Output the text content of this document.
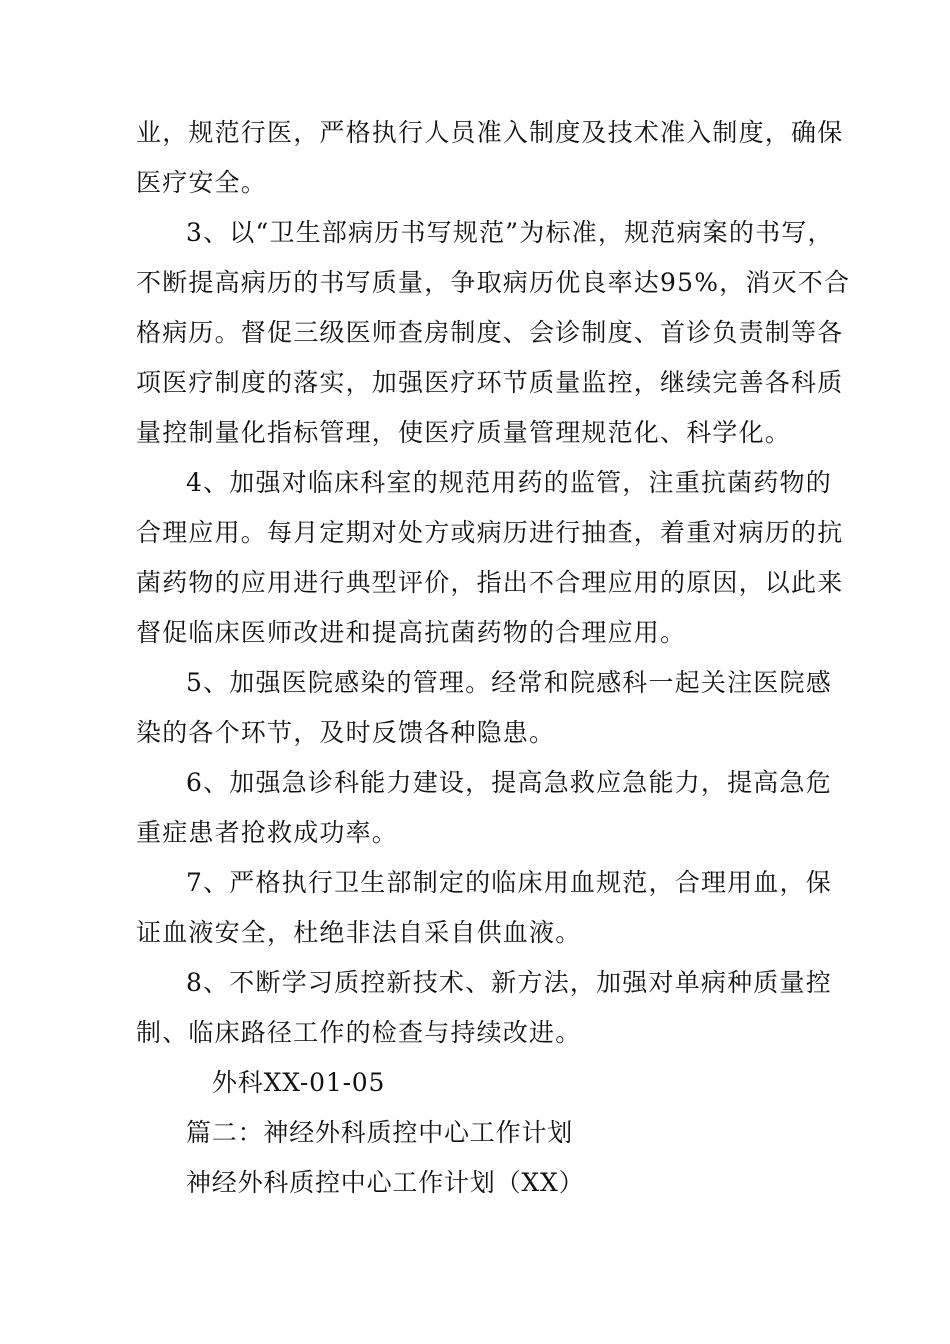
业，规范行医，严格执行人员准入制度及技术准入制度，确保
医疗安全。
3、以“卫生部病历书写规范”为标准，规范病案的书写，
不断提高病历的书写质量，争取病历优良率达95%，消灭不合
格病历。督促三级医师查房制度、会诊制度、首诊负责制等各
项医疗制度的落实，加强医疗环节质量监控，继续完善各科质
量控制量化指标管理，使医疗质量管理规范化、科学化。
4、加强对临床科室的规范用药的监管，注重抗菌药物的
合理应用。每月定期对处方或病历进行抽查，着重对病历的抗
菌药物的应用进行典型评价，指出不合理应用的原因，以此来
督促临床医师改进和提高抗菌药物的合理应用。
5、加强医院感染的管理。经常和院感科一起关注医院感
染的各个环节，及时反馈各种隐患。
6、加强急诊科能力建设，提高急救应急能力，提高急危
重症患者抢救成功率。
7、严格执行卫生部制定的临床用血规范，合理用血，保
证血液安全，杜绝非法自采自供血液。
8、不断学习质控新技术、新方法，加强对单病种质量控
制、临床路径工作的检查与持续改进。
外科XX-01-05
篇二：神经外科质控中心工作计划
神经外科质控中心工作计划（XX）
